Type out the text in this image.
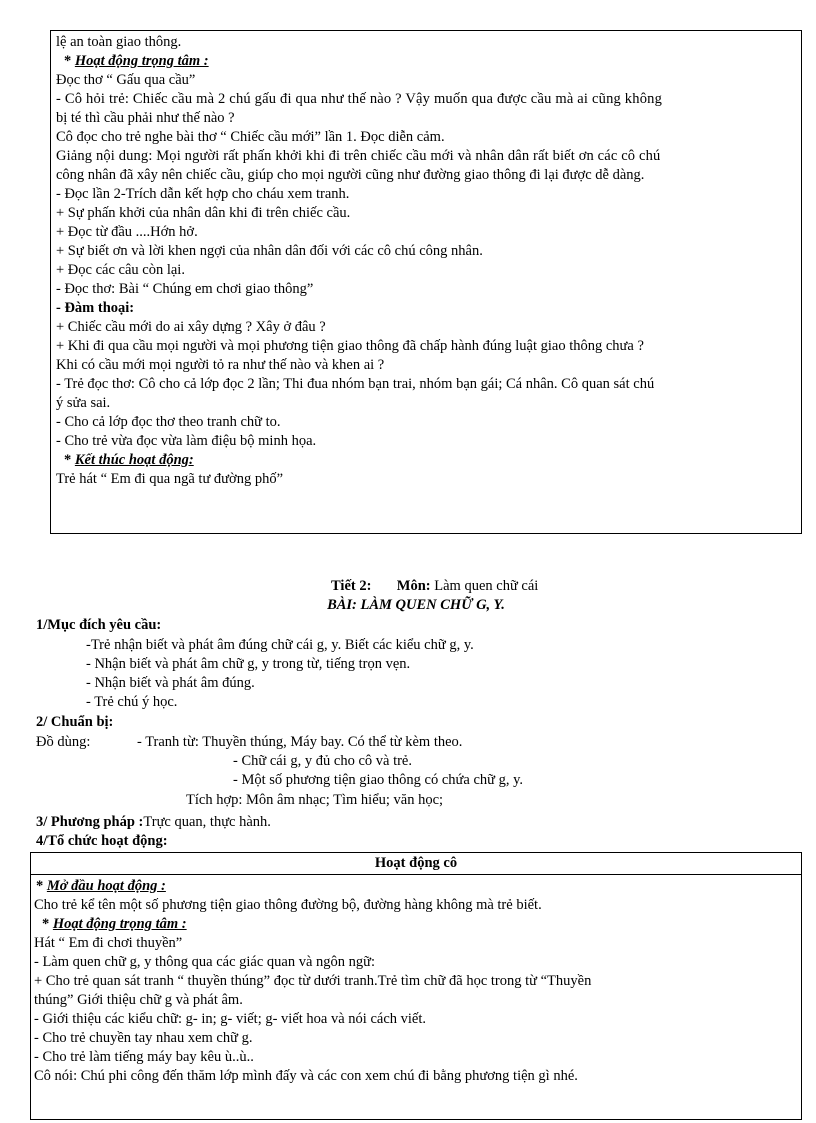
lệ an toàn giao thông.
* Hoạt động trọng tâm :
Đọc thơ “ Gấu qua cầu”
- Cô hỏi trẻ: Chiếc cầu mà 2 chú gấu đi qua như thế nào ? Vậy muốn qua được cầu mà ai cũng không
bị té thì cầu phải như thế nào ?
Cô đọc cho trẻ nghe bài thơ “ Chiếc cầu mới” lần 1. Đọc diễn cảm.
Giảng nội dung: Mọi người rất phấn khởi khi đi trên chiếc cầu mới và nhân dân rất biết ơn các cô chú
công nhân đã xây nên chiếc cầu, giúp cho mọi người cũng như đường giao thông đi lại được dễ dàng.
- Đọc lần 2-Trích dẫn kết hợp cho cháu xem tranh.
+ Sự phấn khởi của nhân dân khi đi trên chiếc cầu.
+ Đọc từ đầu ....Hớn hở.
+ Sự biết ơn và lời khen ngợi của nhân dân đối với các cô chú công nhân.
+ Đọc các câu còn lại.
- Đọc thơ: Bài “ Chúng em chơi giao thông”
- Đàm thoại:
+ Chiếc cầu mới do ai xây dựng ? Xây ở đâu ?
+ Khi đi qua cầu mọi người và mọi phương tiện giao thông đã chấp hành đúng luật giao thông chưa ?
Khi có cầu mới mọi người tỏ ra như thế nào và khen ai ?
- Trẻ đọc thơ: Cô cho cả lớp đọc 2 lần; Thi đua nhóm bạn trai, nhóm bạn gái; Cá nhân. Cô quan sát chú
ý sửa sai.
- Cho cả lớp đọc thơ theo tranh chữ to.
- Cho trẻ vừa đọc vừa làm điệu bộ minh họa.
* Kết thúc hoạt động:
Trẻ hát “ Em đi qua ngã tư đường phố”
Tiết 2: Môn: Làm quen chữ cái
BÀI: LÀM QUEN CHỮ G, Y.
1/Mục đích yêu cầu:
-Trẻ nhận biết và phát âm đúng chữ cái g, y. Biết các kiểu chữ g, y.
- Nhận biết và phát âm chữ g, y trong từ, tiếng trọn vẹn.
- Nhận biết và phát âm đúng.
- Trẻ chú ý học.
2/ Chuẩn bị:
Đồ dùng:	- Tranh từ: Thuyền thúng, Máy bay. Có thể từ kèm theo.
- Chữ cái g, y đủ cho cô và trẻ.
- Một số phương tiện giao thông có chứa chữ g, y.
Tích hợp: Môn âm nhạc; Tìm hiểu; văn học;
3/ Phương pháp :Trực quan, thực hành.
4/Tổ chức hoạt động:
Hoạt động cô
* Mở đầu hoạt động :
Cho trẻ kể tên một số phương tiện giao thông đường bộ, đường hàng không mà trẻ biết.
* Hoạt động trọng tâm :
Hát “ Em đi chơi thuyền”
- Làm quen chữ g, y thông qua các giác quan và ngôn ngữ:
+ Cho trẻ quan sát tranh “ thuyền thúng” đọc từ dưới tranh.Trẻ tìm chữ đã học trong từ “Thuyền
thúng” Giới thiệu chữ g và phát âm.
- Giới thiệu các kiểu chữ: g- in; g- viết; g- viết hoa và nói cách viết.
- Cho trẻ chuyền tay nhau xem chữ g.
- Cho trẻ làm tiếng máy bay kêu ù..ù..
Cô nói: Chú phi công đến thăm lớp mình đấy và các con xem chú đi bằng phương tiện gì nhé.
